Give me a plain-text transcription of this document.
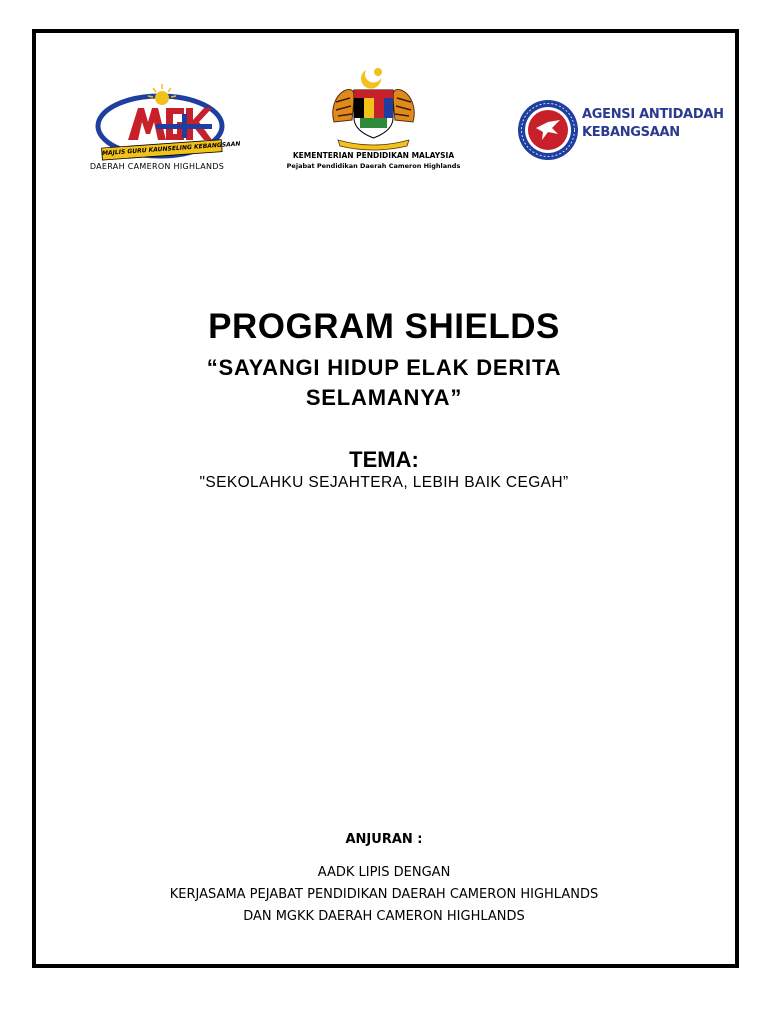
MAJLIS GURU KAUNSELING KEBANGSAAN
DAERAH CAMERON HIGHLANDS
KEMENTERIAN PENDIDIKAN MALAYSIA
Pejabat Pendidikan Daerah Cameron Highlands
AGENSI ANTIDADAH
KEBANGSAAN
PROGRAM SHIELDS
“SAYANGI HIDUP ELAK DERITA
SELAMANYA”
TEMA:
"SEKOLAHKU SEJAHTERA, LEBIH BAIK CEGAH”
ANJURAN :
AADK LIPIS DENGAN
KERJASAMA PEJABAT PENDIDIKAN DAERAH CAMERON HIGHLANDS
DAN MGKK DAERAH CAMERON HIGHLANDS
